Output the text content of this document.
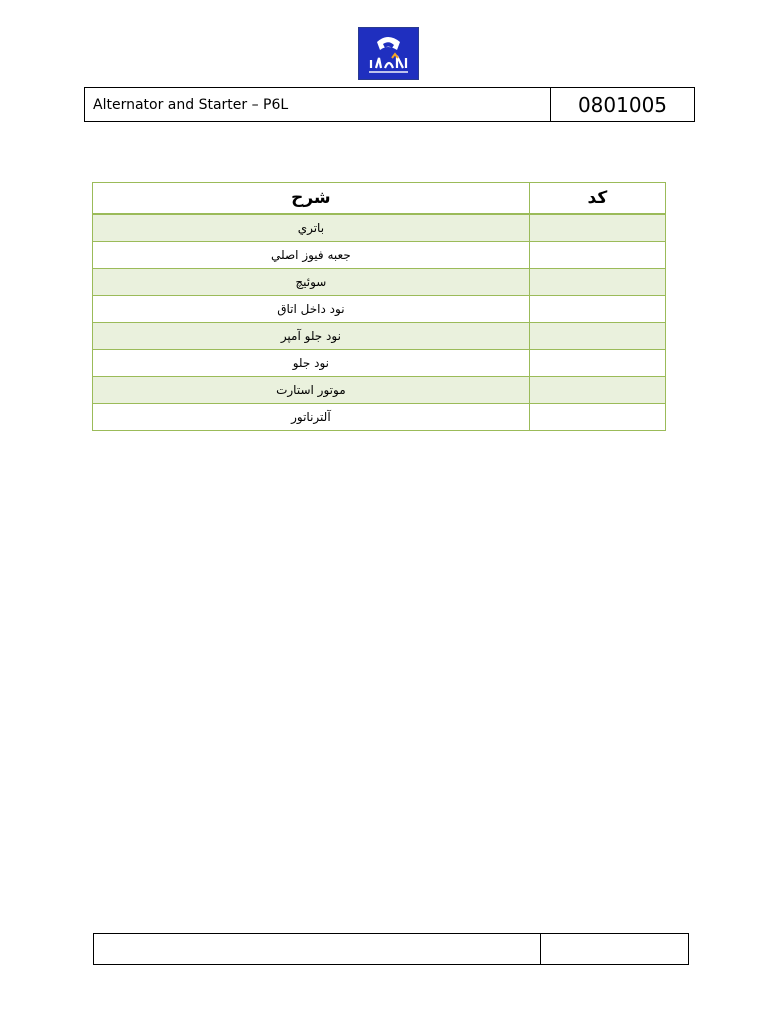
Alternator and Starter – P6L	0801005
شرح	کد
باتري	
جعبه فيوز اصلي	
سوئيچ	
نود داخل اتاق	
نود جلو آمپر	
نود جلو	
موتور استارت	
آلترناتور	
